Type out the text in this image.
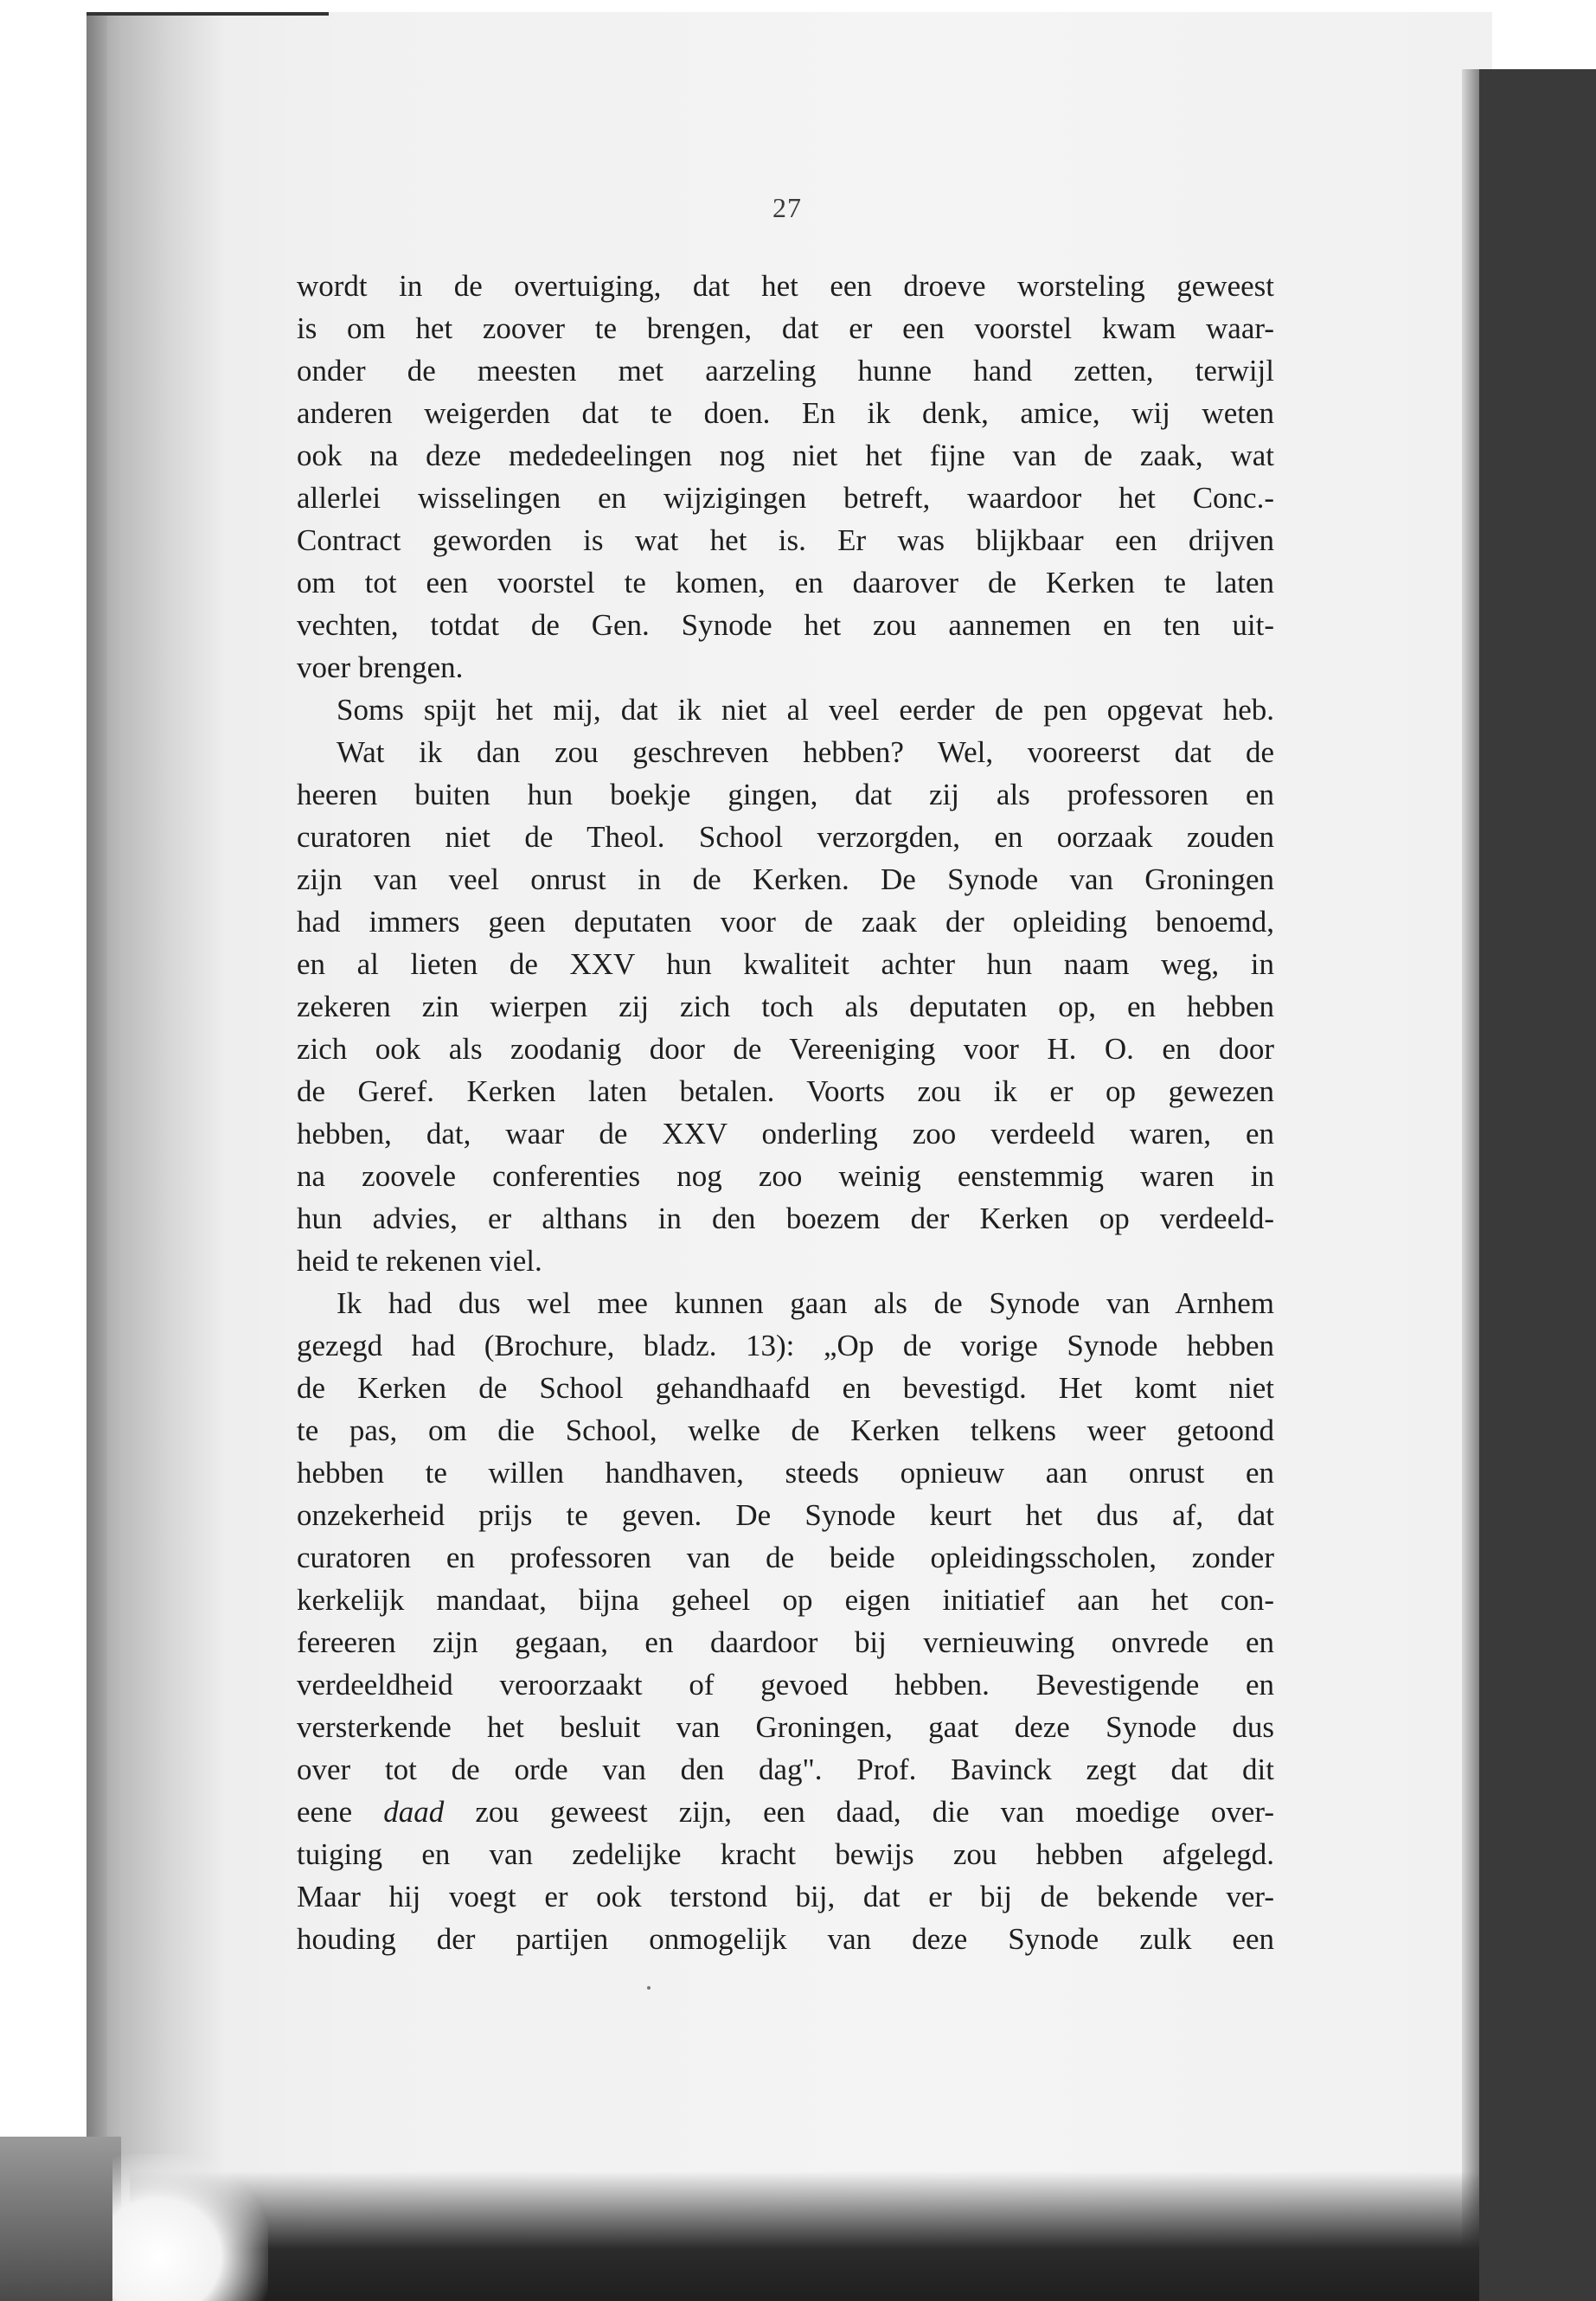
27
wordt in de overtuiging, dat het een droeve worsteling geweest
is om het zoover te brengen, dat er een voorstel kwam waar-
onder de meesten met aarzeling hunne hand zetten, terwijl
anderen weigerden dat te doen. En ik denk, amice, wij weten
ook na deze mededeelingen nog niet het fijne van de zaak, wat
allerlei wisselingen en wijzigingen betreft, waardoor het Conc.-
Contract geworden is wat het is. Er was blijkbaar een drijven
om tot een voorstel te komen, en daarover de Kerken te laten
vechten, totdat de Gen. Synode het zou aannemen en ten uit-
voer brengen.
Soms spijt het mij, dat ik niet al veel eerder de pen opgevat heb.
Wat ik dan zou geschreven hebben? Wel, vooreerst dat de
heeren buiten hun boekje gingen, dat zij als professoren en
curatoren niet de Theol. School verzorgden, en oorzaak zouden
zijn van veel onrust in de Kerken. De Synode van Groningen
had immers geen deputaten voor de zaak der opleiding benoemd,
en al lieten de XXV hun kwaliteit achter hun naam weg, in
zekeren zin wierpen zij zich toch als deputaten op, en hebben
zich ook als zoodanig door de Vereeniging voor H. O. en door
de Geref. Kerken laten betalen. Voorts zou ik er op gewezen
hebben, dat, waar de XXV onderling zoo verdeeld waren, en
na zoovele conferenties nog zoo weinig eenstemmig waren in
hun advies, er althans in den boezem der Kerken op verdeeld-
heid te rekenen viel.
Ik had dus wel mee kunnen gaan als de Synode van Arnhem
gezegd had (Brochure, bladz. 13): „Op de vorige Synode hebben
de Kerken de School gehandhaafd en bevestigd. Het komt niet
te pas, om die School, welke de Kerken telkens weer getoond
hebben te willen handhaven, steeds opnieuw aan onrust en
onzekerheid prijs te geven. De Synode keurt het dus af, dat
curatoren en professoren van de beide opleidingsscholen, zonder
kerkelijk mandaat, bijna geheel op eigen initiatief aan het con-
fereeren zijn gegaan, en daardoor bij vernieuwing onvrede en
verdeeldheid veroorzaakt of gevoed hebben. Bevestigende en
versterkende het besluit van Groningen, gaat deze Synode dus
over tot de orde van den dag". Prof. Bavinck zegt dat dit
eene daad zou geweest zijn, een daad, die van moedige over-
tuiging en van zedelijke kracht bewijs zou hebben afgelegd.
Maar hij voegt er ook terstond bij, dat er bij de bekende ver-
houding der partijen onmogelijk van deze Synode zulk een
